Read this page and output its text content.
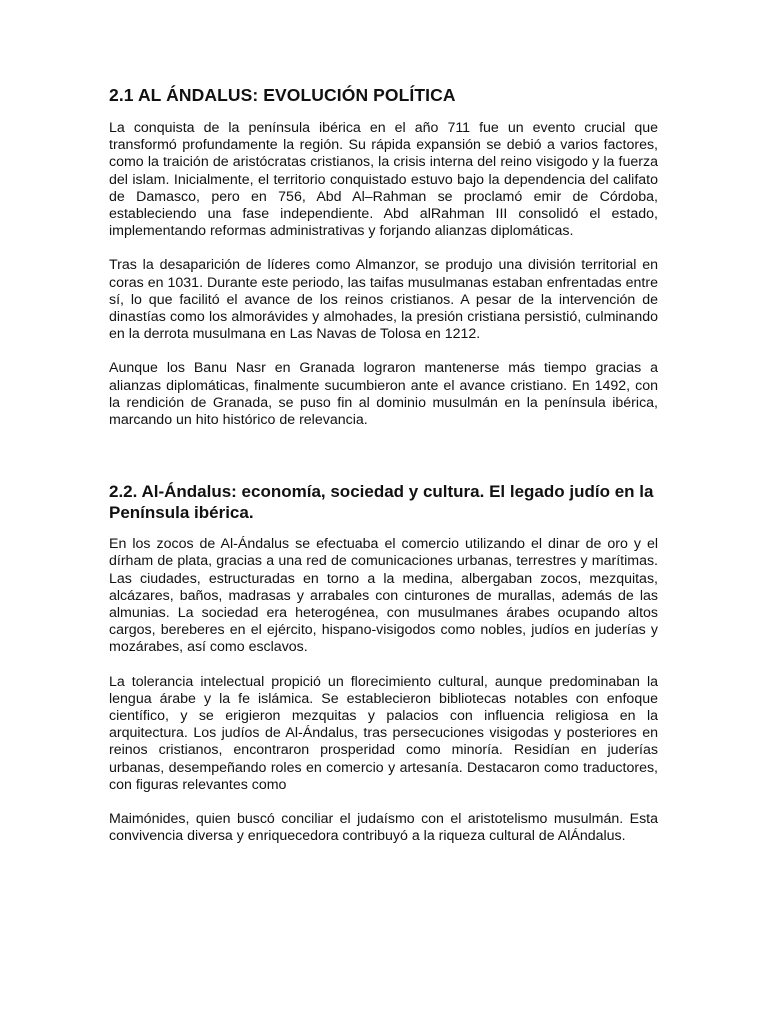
2.1 AL ÁNDALUS: EVOLUCIÓN POLÍTICA

La conquista de la península ibérica en el año 711 fue un evento crucial que transformó profundamente la región. Su rápida expansión se debió a varios factores, como la traición de aristócratas cristianos, la crisis interna del reino visigodo y la fuerza del islam. Inicialmente, el territorio conquistado estuvo bajo la dependencia del califato de Damasco, pero en 756, Abd Al–Rahman se proclamó emir de Córdoba, estableciendo una fase independiente. Abd alRahman III consolidó el estado, implementando reformas administrativas y forjando alianzas diplomáticas.

Tras la desaparición de líderes como Almanzor, se produjo una división territorial en coras en 1031. Durante este periodo, las taifas musulmanas estaban enfrentadas entre sí, lo que facilitó el avance de los reinos cristianos. A pesar de la intervención de dinastías como los almorávides y almohades, la presión cristiana persistió, culminando en la derrota musulmana en Las Navas de Tolosa en 1212.

Aunque los Banu Nasr en Granada lograron mantenerse más tiempo gracias a alianzas diplomáticas, finalmente sucumbieron ante el avance cristiano. En 1492, con la rendición de Granada, se puso fin al dominio musulmán en la península ibérica, marcando un hito histórico de relevancia.

2.2. Al-Ándalus: economía, sociedad y cultura. El legado judío en la Península ibérica.

En los zocos de Al-Ándalus se efectuaba el comercio utilizando el dinar de oro y el dírham de plata, gracias a una red de comunicaciones urbanas, terrestres y marítimas. Las ciudades, estructuradas en torno a la medina, albergaban zocos, mezquitas, alcázares, baños, madrasas y arrabales con cinturones de murallas, además de las almunias. La sociedad era heterogénea, con musulmanes árabes ocupando altos cargos, bereberes en el ejército, hispano-visigodos como nobles, judíos en juderías y mozárabes, así como esclavos.

La tolerancia intelectual propició un florecimiento cultural, aunque predominaban la lengua árabe y la fe islámica. Se establecieron bibliotecas notables con enfoque científico, y se erigieron mezquitas y palacios con influencia religiosa en la arquitectura. Los judíos de Al-Ándalus, tras persecuciones visigodas y posteriores en reinos cristianos, encontraron prosperidad como minoría. Residían en juderías urbanas, desempeñando roles en comercio y artesanía. Destacaron como traductores, con figuras relevantes como

Maimónides, quien buscó conciliar el judaísmo con el aristotelismo musulmán. Esta convivencia diversa y enriquecedora contribuyó a la riqueza cultural de AlÁndalus.
